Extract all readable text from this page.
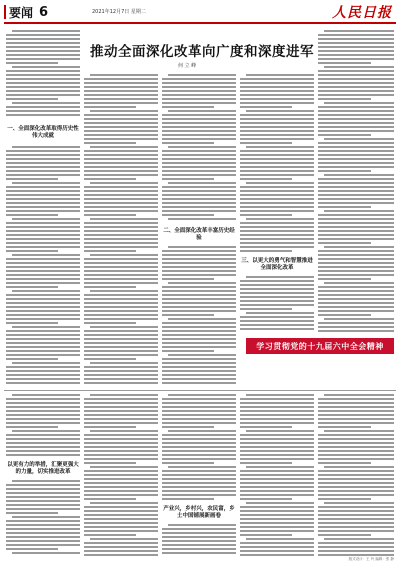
要闻 6	2021年12月7日 星期二	人民日报
推动全面深化改革向广度和深度进军
何 立 峰
一、全面深化改革取得历史性伟大成就
二、全面深化改革丰富历史经验
三、以更大的勇气和智慧推进全面深化改革
学习贯彻党的十九届六中全会精神
以更有力的举措，汇聚更强大的力量，切实推进改革
产业兴，乡村兴，农民富，乡土中国铺展新画卷
版式设计：王 玲 编辑：张 静
